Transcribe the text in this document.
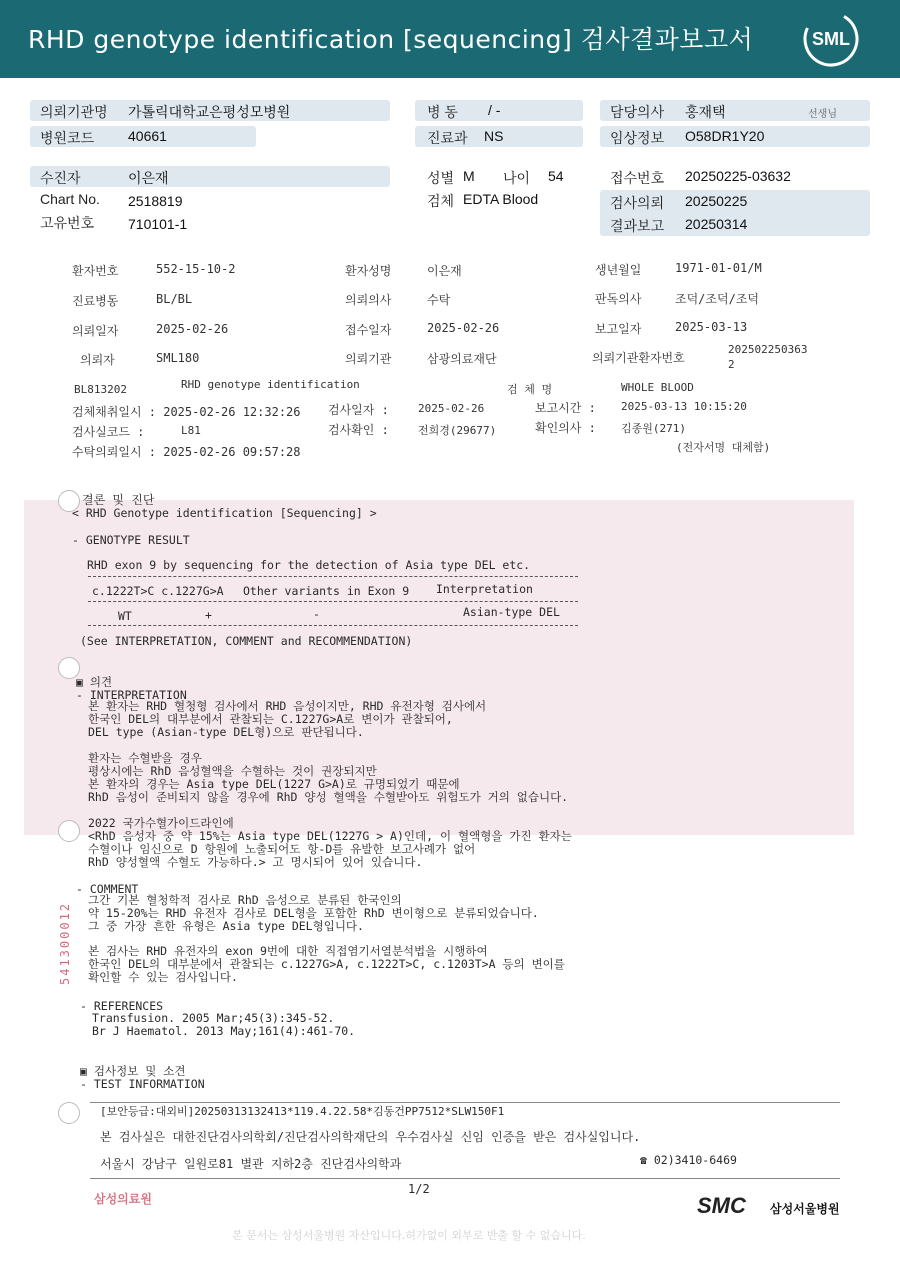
RHD genotype identification [sequencing] 검사결과보고서	SML
의뢰기관명 가톨릭대학교은평성모병원	병 동 / -	담당의사 홍재택	선생님
병원코드 40661	진료과 NS	임상정보 O58DR1Y20
수진자	이은재	성별 M 나이 54	접수번호 20250225-03632
Chart No. 2518819	검체 EDTA Blood	검사의뢰 20250225
고유번호 710101-1	결과보고 20250314
환자번호	552-15-10-2	환자성명	이은재	생년월일	1971-01-01/M
진료병동	BL/BL	의뢰의사	수탁	판독의사	조덕/조덕/조덕
의뢰일자	2025-02-26	접수일자	2025-02-26	보고일자	2025-03-13
의뢰자	SML180	의뢰기관	삼광의료재단	의뢰기관환자번호
202502250363
2
BL813202	RHD genotype identification	검 체 명	WHOLE BLOOD
검체채취일시 : 2025-02-26 12:32:26 검사일자 :	2025-02-26	보고시간 : 2025-03-13 10:15:20
검사실코드 :	L81	검사확인 :	전희경(29677)	확인의사 : 김종원(271)
수탁의뢰일시 : 2025-02-26 09:57:28	(전자서명 대체함)
결론 및 진단
< RHD Genotype identification [Sequencing] >
- GENOTYPE RESULT
RHD exon 9 by sequencing for the detection of Asia type DEL etc.
c.1222T>C c.1227G>A Other variants in Exon 9 Interpretation
WT	+	-	Asian-type DEL
(See INTERPRETATION, COMMENT and RECOMMENDATION)
▣ 의견
- INTERPRETATION
본 환자는 RHD 혈청형 검사에서 RHD 음성이지만, RHD 유전자형 검사에서
한국인 DEL의 대부분에서 관찰되는 C.1227G>A로 변이가 관찰되어,
DEL type (Asian-type DEL형)으로 판단됩니다.
환자는 수혈받을 경우
평상시에는 RhD 음성혈액을 수혈하는 것이 권장되지만
본 환자의 경우는 Asia type DEL(1227 G>A)로 규명되었기 때문에
RhD 음성이 준비되지 않을 경우에 RhD 양성 혈액을 수혈받아도 위험도가 거의 없습니다.
2022 국가수혈가이드라인에
<RhD 음성자 중 약 15%는 Asia type DEL(1227G > A)인데, 이 혈액형을 가진 환자는
수혈이나 임신으로 D 항원에 노출되어도 항-D를 유발한 보고사례가 없어
RhD 양성혈액 수혈도 가능하다.> 고 명시되어 있어 있습니다.
- COMMENT
그간 기본 혈청학적 검사로 RhD 음성으로 분류된 한국인의
약 15-20%는 RHD 유전자 검사로 DEL형을 포함한 RhD 변이형으로 분류되었습니다.
그 중 가장 흔한 유형은 Asia type DEL형입니다.
본 검사는 RHD 유전자의 exon 9번에 대한 직접염기서열분석법을 시행하여
한국인 DEL의 대부분에서 관찰되는 c.1227G>A, c.1222T>C, c.1203T>A 등의 변이를
확인할 수 있는 검사입니다.
- REFERENCES
Transfusion. 2005 Mar;45(3):345-52.
Br J Haematol. 2013 May;161(4):461-70.
541300012
▣ 검사정보 및 소견
- TEST INFORMATION
[보안등급:대외비]20250313132413*119.4.22.58*김동건PP7512*SLW150F1
본 검사실은 대한진단검사의학회/진단검사의학재단의 우수검사실 신임 인증을 받은 검사실입니다.
서울시 강남구 일원로81 별관 지하2층 진단검사의학과	☎ 02)3410-6469
삼성의료원
1/2
SMC 삼성서울병원
본 문서는 삼성서울병원 자산입니다.허가없이 외부로 반출 할 수 없습니다.
